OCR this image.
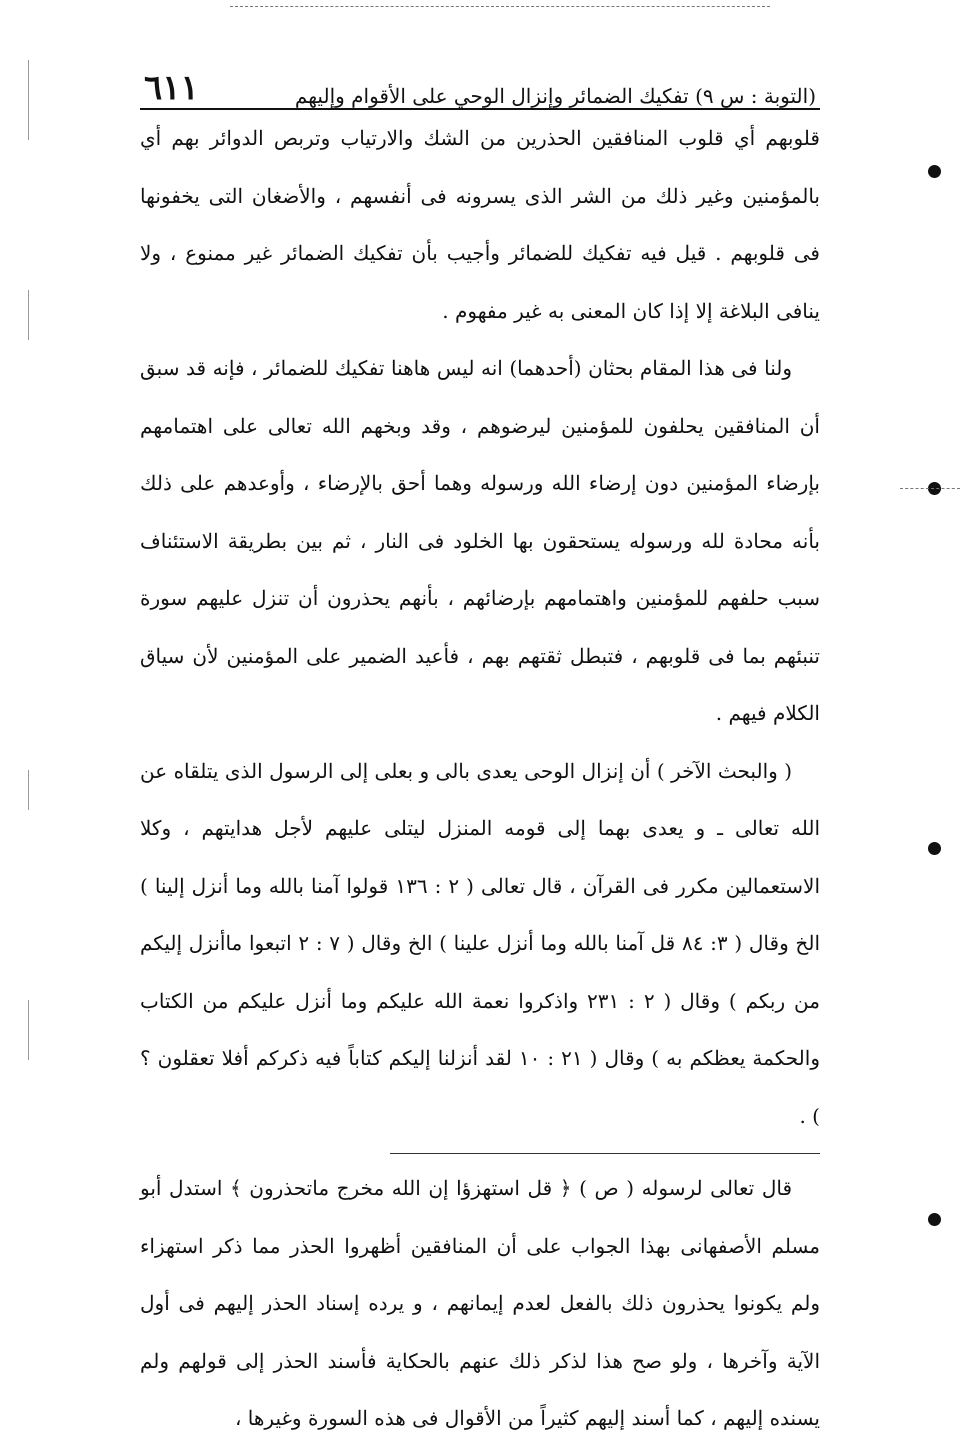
(التوبة : س ٩) تفكيك الضمائر وإنزال الوحي على الأقوام وإليهم
٦١١

قلوبهم أي قلوب المنافقين الحذرين من الشك والارتياب وتربص الدوائر بهم أي بالمؤمنين وغير ذلك من الشر الذى يسرونه فى أنفسهم ، والأضغان التى يخفونها فى قلوبهم . قيل فيه تفكيك للضمائر وأجيب بأن تفكيك الضمائر غير ممنوع ، ولا ينافى البلاغة إلا إذا كان المعنى به غير مفهوم .

ولنا فى هذا المقام بحثان (أحدهما) انه ليس هاهنا تفكيك للضمائر ، فإنه قد سبق أن المنافقين يحلفون للمؤمنين ليرضوهم ، وقد وبخهم الله تعالى على اهتمامهم بإرضاء المؤمنين دون إرضاء الله ورسوله وهما أحق بالإرضاء ، وأوعدهم على ذلك بأنه محادة لله ورسوله يستحقون بها الخلود فى النار ، ثم بين بطريقة الاستئناف سبب حلفهم للمؤمنين واهتمامهم بإرضائهم ، بأنهم يحذرون أن تنزل عليهم سورة تنبئهم بما فى قلوبهم ، فتبطل ثقتهم بهم ، فأعيد الضمير على المؤمنين لأن سياق الكلام فيهم .

( والبحث الآخر ) أن إنزال الوحى يعدى بالى و بعلى إلى الرسول الذى يتلقاه عن الله تعالى ـ و يعدى بهما إلى قومه المنزل ليتلى عليهم لأجل هدايتهم ، وكلا الاستعمالين مكرر فى القرآن ، قال تعالى ( ٢ : ١٣٦ قولوا آمنا بالله وما أنزل إلينا ) الخ وقال ( ٣: ٨٤ قل آمنا بالله وما أنزل علينا ) الخ وقال ( ٧ : ٢ اتبعوا ماأنزل إليكم من ربكم ) وقال ( ٢ : ٢٣١ واذكروا نعمة الله عليكم وما أنزل عليكم من الكتاب والحكمة يعظكم به ) وقال ( ٢١ : ١٠ لقد أنزلنا إليكم كتاباً فيه ذكركم أفلا تعقلون ؟ ) .

قال تعالى لرسوله ( ص ) ﴿ قل استهزؤا إن الله مخرج ماتحذرون ﴾ استدل أبو مسلم الأصفهانى بهذا الجواب على أن المنافقين أظهروا الحذر مما ذكر استهزاء ولم يكونوا يحذرون ذلك بالفعل لعدم إيمانهم ، و يرده إسناد الحذر إليهم فى أول الآية وآخرها ، ولو صح هذا لذكر ذلك عنهم بالحكاية فأسند الحذر إلى قولهم ولم يسنده إليهم ، كما أسند إليهم كثيراً من الأقوال فى هذه السورة وغيرها ،
